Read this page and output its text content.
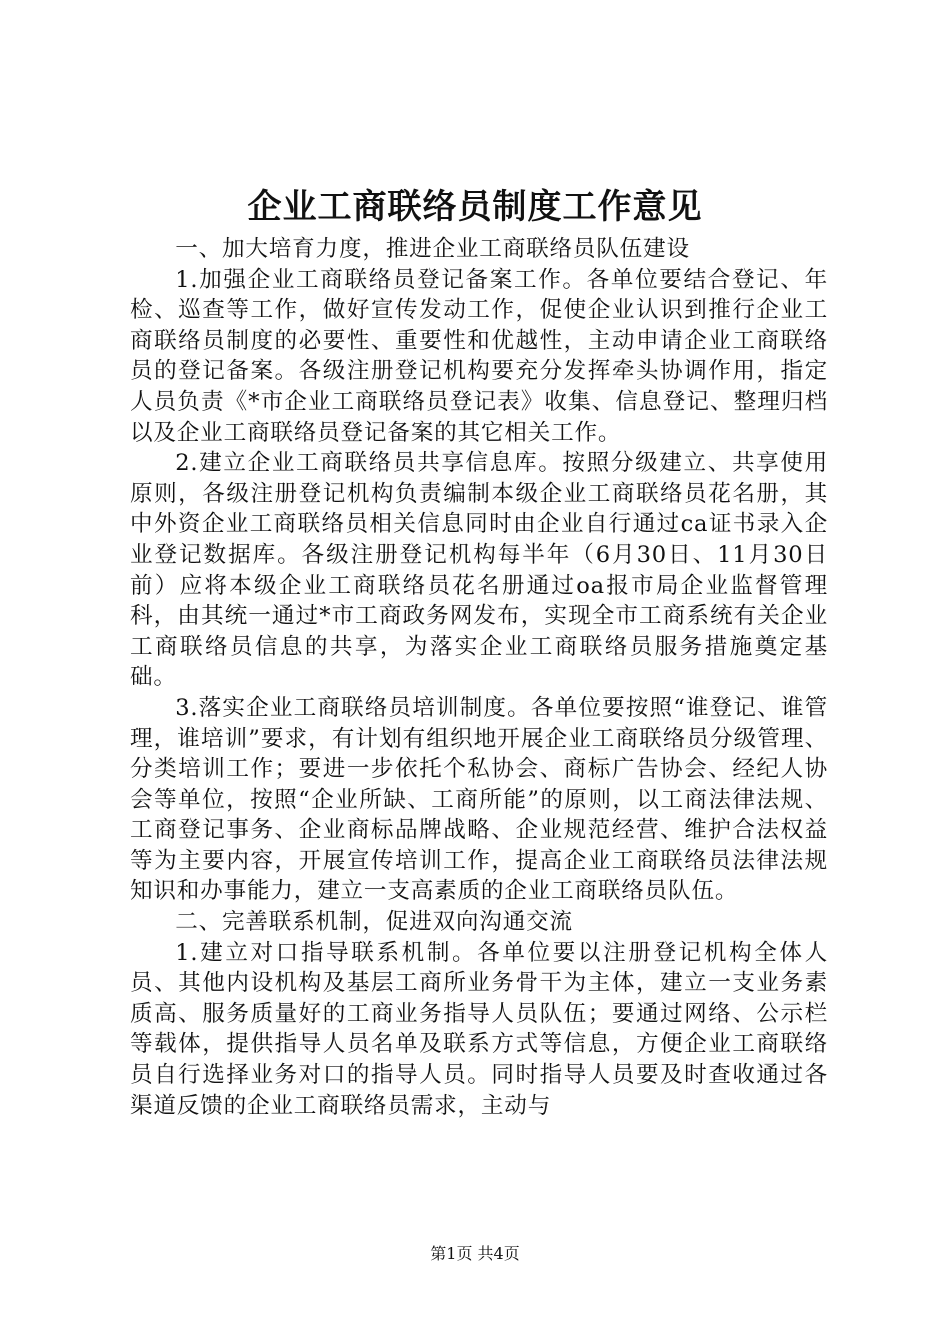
企业工商联络员制度工作意见

一、加大培育力度，推进企业工商联络员队伍建设

1.加强企业工商联络员登记备案工作。各单位要结合登记、年检、巡查等工作，做好宣传发动工作，促使企业认识到推行企业工商联络员制度的必要性、重要性和优越性，主动申请企业工商联络员的登记备案。各级注册登记机构要充分发挥牵头协调作用，指定人员负责《*市企业工商联络员登记表》收集、信息登记、整理归档以及企业工商联络员登记备案的其它相关工作。

2.建立企业工商联络员共享信息库。按照分级建立、共享使用原则，各级注册登记机构负责编制本级企业工商联络员花名册，其中外资企业工商联络员相关信息同时由企业自行通过ca证书录入企业登记数据库。各级注册登记机构每半年（6月30日、11月30日前）应将本级企业工商联络员花名册通过oa报市局企业监督管理科，由其统一通过*市工商政务网发布，实现全市工商系统有关企业工商联络员信息的共享，为落实企业工商联络员服务措施奠定基础。

3.落实企业工商联络员培训制度。各单位要按照“谁登记、谁管理，谁培训”要求，有计划有组织地开展企业工商联络员分级管理、分类培训工作；要进一步依托个私协会、商标广告协会、经纪人协会等单位，按照“企业所缺、工商所能”的原则，以工商法律法规、工商登记事务、企业商标品牌战略、企业规范经营、维护合法权益等为主要内容，开展宣传培训工作，提高企业工商联络员法律法规知识和办事能力，建立一支高素质的企业工商联络员队伍。

二、完善联系机制，促进双向沟通交流

1.建立对口指导联系机制。各单位要以注册登记机构全体人员、其他内设机构及基层工商所业务骨干为主体，建立一支业务素质高、服务质量好的工商业务指导人员队伍；要通过网络、公示栏等载体，提供指导人员名单及联系方式等信息，方便企业工商联络员自行选择业务对口的指导人员。同时指导人员要及时查收通过各渠道反馈的企业工商联络员需求，主动与

第1页 共4页
